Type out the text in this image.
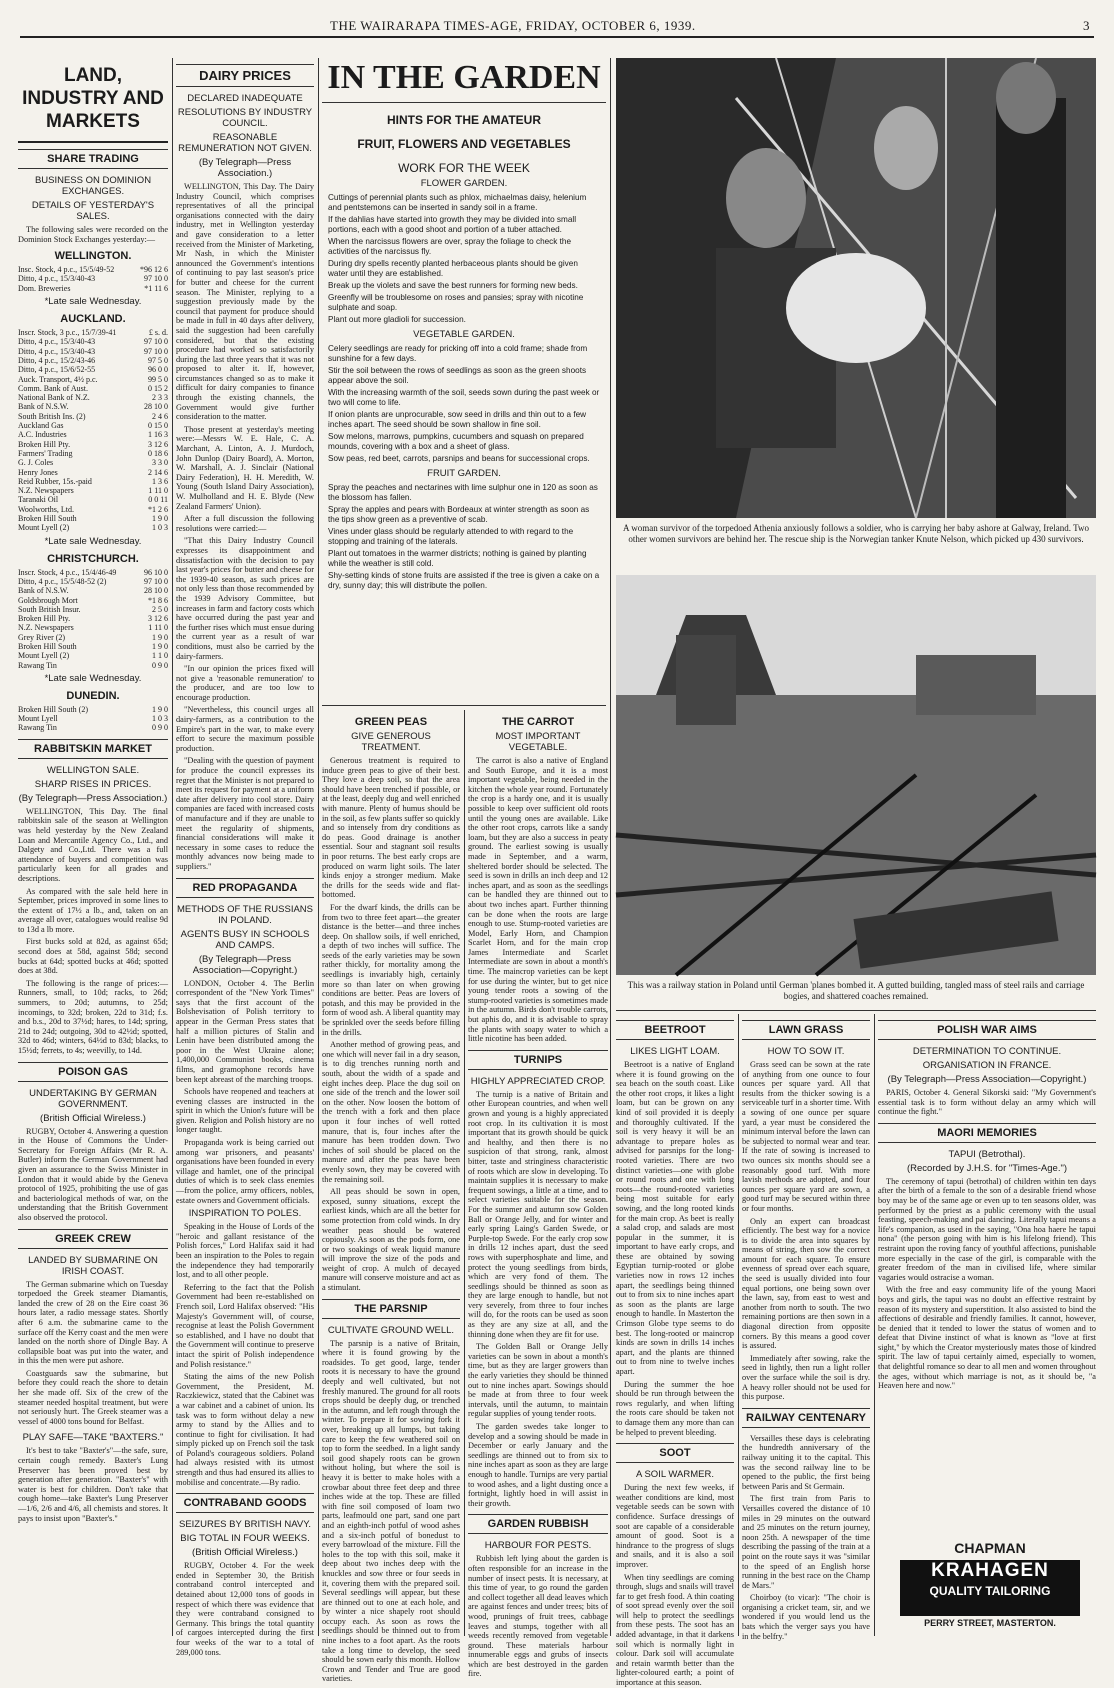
THE WAIRARAPA TIMES-AGE, FRIDAY, OCTOBER 6, 1939.	3
LAND, INDUSTRY AND MARKETS
SHARE TRADING
BUSINESS ON DOMINION EXCHANGES.
DETAILS OF YESTERDAY'S SALES.

The following sales were recorded on the Dominion Stock Exchanges yesterday:—

WELLINGTON.
Insc. Stock, 4 p.c., 15/5/49-52	*96 12 6
Ditto, 4 p.c., 15/3/40-43	97 10 0
Dom. Breweries	*1 11 6
*Late sale Wednesday.
AUCKLAND.
Inscr. Stock, 3 p.c., 15/7/39-41	£ s. d.
Ditto, 4 p.c., 15/3/40-43	97 10 0
Ditto, 4 p.c., 15/3/40-43	97 10 0
Ditto, 4 p.c., 15/2/43-46	97 5 0
Ditto, 4 p.c., 15/6/52-55	96 0 0
Auck. Transport, 4½ p.c.	99 5 0
Comm. Bank of Aust.	0 15 2
National Bank of N.Z.	2 3 3
Bank of N.S.W.	28 10 0
South British Ins. (2)	2 4 6
Auckland Gas	0 15 0
A.C. Industries	1 16 3
Broken Hill Pty.	3 12 6
Farmers' Trading	0 18 6
G. J. Coles	3 3 0
Henry Jones	2 14 6
Reid Rubber, 15s.-paid	1 3 6
N.Z. Newspapers	1 11 0
Taranaki Oil	0 0 11
Woolworths, Ltd.	*1 2 6
Broken Hill South	1 9 0
Mount Lyell (2)	1 0 3
*Late sale Wednesday.
CHRISTCHURCH.
Inscr. Stock, 4 p.c., 15/4/46-49	96 10 0
Ditto, 4 p.c., 15/5/48-52 (2)	97 10 0
Bank of N.S.W.	28 10 0
Goldsbrough Mort	*1 8 6
South British Insur.	2 5 0
Broken Hill Pty.	3 12 6
N.Z. Newspapers	1 11 0
Grey River (2)	1 9 0
Broken Hill South	1 9 0
Mount Lyell (2)	1 1 0
Rawang Tin	0 9 0
*Late sale Wednesday.
DUNEDIN.
Broken Hill South (2)	1 9 0
Mount Lyell	1 0 3
Rawang Tin	0 9 0
RABBITSKIN MARKET
WELLINGTON SALE.
SHARP RISES IN PRICES.
(By Telegraph—Press Association.)

WELLINGTON, This Day. The final rabbitskin sale of the season at Wellington was held yesterday by the New Zealand Loan and Mercantile Agency Co., Ltd., and Dalgety and Co.,Ltd. There was a full attendance of buyers and competition was particularly keen for all grades and descriptions.

As compared with the sale held here in September, prices improved in some lines to the extent of 17½ a lb., and, taken on an average all over, catalogues would realise 9d to 13d a lb more.

First bucks sold at 82d, as against 65d; second does at 58d, against 58d; second bucks at 64d; spotted bucks at 46d; spotted does at 38d.

The following is the range of prices:—Runners, small, to 10d; racks, to 26d; summers, to 20d; autumns, to 25d; incomings, to 32d; broken, 22d to 31d; f.s. and b.s., 20d to 37½d; hares, to 14d; spring, 21d to 24d; outgoing, 30d to 42½d; spotted, 32d to 46d; winters, 64½d to 83d; blacks, to 15½d; ferrets, to 4s; weevilly, to 14d.

POISON GAS
UNDERTAKING BY GERMAN GOVERNMENT.
(British Official Wireless.)

RUGBY, October 4. Answering a question in the House of Commons the Under-Secretary for Foreign Affairs (Mr R. A. Butler) inform the German Government had given an assurance to the Swiss Minister in London that it would abide by the Geneva protocol of 1925, prohibiting the use of gas and bacteriological methods of war, on the understanding that the British Government also observed the protocol.

GREEK CREW
LANDED BY SUBMARINE ON IRISH COAST.

The German submarine which on Tuesday torpedoed the Greek steamer Diamantis, landed the crew of 28 on the Eire coast 36 hours later, a radio message states. Shortly after 6 a.m. the submarine came to the surface off the Kerry coast and the men were landed on the north shore of Dingle Bay. A collapsible boat was put into the water, and in this the men were put ashore.

Coastguards saw the submarine, but before they could reach the shore to detain her she made off. Six of the crew of the steamer needed hospital treatment, but were not seriously hurt. The Greek steamer was a vessel of 4000 tons bound for Belfast.

PLAY SAFE—TAKE "BAXTERS."

It's best to take "Baxter's"—the safe, sure, certain cough remedy. Baxter's Lung Preserver has been proved best by generation after generation. "Baxter's" with water is best for children. Don't take that cough home—take Baxter's Lung Preserver—1/6, 2/6 and 4/6, all chemists and stores. It pays to insist upon "Baxter's."

DAIRY PRICES
DECLARED INADEQUATE
RESOLUTIONS BY INDUSTRY COUNCIL.
REASONABLE REMUNERATION NOT GIVEN.
(By Telegraph—Press Association.)

WELLINGTON, This Day. The Dairy Industry Council, which comprises representatives of all the principal organisations connected with the dairy industry, met in Wellington yesterday and gave consideration to a letter received from the Minister of Marketing, Mr Nash, in which the Minister announced the Government's intentions of continuing to pay last season's price for butter and cheese for the current season. The Minister, replying to a suggestion previously made by the council that payment for produce should be made in full in 40 days after delivery, said the suggestion had been carefully considered, but that the existing procedure had worked so satisfactorily during the last three years that it was not proposed to alter it. If, however, circumstances changed so as to make it difficult for dairy companies to finance through the existing channels, the Government would give further consideration to the matter.

Those present at yesterday's meeting were:—Messrs W. E. Hale, C. A. Marchant, A. Linton, A. J. Murdoch, John Dunlop (Dairy Board), A. Morton, W. Marshall, A. J. Sinclair (National Dairy Federation), H. H. Meredith, W. Young (South Island Dairy Association), W. Mulholland and H. E. Blyde (New Zealand Farmers' Union).

After a full discussion the following resolutions were carried:—

"That this Dairy Industry Council expresses its disappointment and dissatisfaction with the decision to pay last year's prices for butter and cheese for the 1939-40 season, as such prices are not only less than those recommended by the 1939 Advisory Committee, but increases in farm and factory costs which have occurred during the past year and the further rises which must ensue during the current year as a result of war conditions, must also be carried by the dairy-farmers.

"In our opinion the prices fixed will not give a 'reasonable remuneration' to the producer, and are too low to encourage production.

"Nevertheless, this council urges all dairy-farmers, as a contribution to the Empire's part in the war, to make every effort to secure the maximum possible production.

"Dealing with the question of payment for produce the council expresses its regret that the Minister is not prepared to meet its request for payment at a uniform date after delivery into cool store. Dairy companies are faced with increased costs of manufacture and if they are unable to meet the regularity of shipments, financial considerations will make it necessary in some cases to reduce the monthly advances now being made to suppliers."

RED PROPAGANDA
METHODS OF THE RUSSIANS IN POLAND.
AGENTS BUSY IN SCHOOLS AND CAMPS.
(By Telegraph—Press Association—Copyright.)

LONDON, October 4. The Berlin correspondent of the "New York Times" says that the first account of the Bolshevisation of Polish territory to appear in the German Press states that half a million pictures of Stalin and Lenin have been distributed among the poor in the West Ukraine alone; 1,400,000 Communist books, cinema films, and gramophone records have been kept abreast of the marching troops.

Schools have reopened and teachers at evening classes are instructed in the spirit in which the Union's future will be given. Religion and Polish history are no longer taught.

Propaganda work is being carried out among war prisoners, and peasants' organisations have been founded in every village and hamlet, one of the principal duties of which is to seek class enemies—from the police, army officers, nobles, estate owners and Government officials.

INSPIRATION TO POLES.

Speaking in the House of Lords of the "heroic and gallant resistance of the Polish forces," Lord Halifax said it had been an inspiration to the Poles to regain the independence they had temporarily lost, and to all other people.

Referring to the fact that the Polish Government had been re-established on French soil, Lord Halifax observed: "His Majesty's Government will, of course, recognise at least the Polish Government so established, and I have no doubt that the Government will continue to preserve intact the spirit of Polish independence and Polish resistance."

Stating the aims of the new Polish Government, the President, M. Raczkiewicz, stated that the Cabinet was a war cabinet and a cabinet of union. Its task was to form without delay a new army to stand by the Allies and to continue to fight for civilisation. It had simply picked up on French soil the task of Poland's courageous soldiers. Poland had always resisted with its utmost strength and thus had ensured its allies to mobilise and concentrate.—By radio.

CONTRABAND GOODS
SEIZURES BY BRITISH NAVY.
BIG TOTAL IN FOUR WEEKS.
(British Official Wireless.)

RUGBY, October 4. For the week ended in September 30, the British contraband control intercepted and detained about 12,000 tons of goods in respect of which there was evidence that they were contraband consigned to Germany. This brings the total quantity of cargoes intercepted during the first four weeks of the war to a total of 289,000 tons.

IN THE GARDEN
HINTS FOR THE AMATEUR
FRUIT, FLOWERS AND VEGETABLES
WORK FOR THE WEEK
FLOWER GARDEN.
Cuttings of perennial plants such as phlox, michaelmas daisy, helenium and pentstemons can be inserted in sandy soil in a frame.
If the dahlias have started into growth they may be divided into small portions, each with a good shoot and portion of a tuber attached.
When the narcissus flowers are over, spray the foliage to check the activities of the narcissus fly.
During dry spells recently planted herbaceous plants should be given water until they are established.
Break up the violets and save the best runners for forming new beds.
Greenfly will be troublesome on roses and pansies; spray with nicotine sulphate and soap.
Plant out more gladioli for succession.
VEGETABLE GARDEN.
Celery seedlings are ready for pricking off into a cold frame; shade from sunshine for a few days.
Stir the soil between the rows of seedlings as soon as the green shoots appear above the soil.
With the increasing warmth of the soil, seeds sown during the past week or two will come to life.
If onion plants are unprocurable, sow seed in drills and thin out to a few inches apart. The seed should be sown shallow in fine soil.
Sow melons, marrows, pumpkins, cucumbers and squash on prepared mounds, covering with a box and a sheet of glass.
Sow peas, red beet, carrots, parsnips and beans for successional crops.
FRUIT GARDEN.
Spray the peaches and nectarines with lime sulphur one in 120 as soon as the blossom has fallen.
Spray the apples and pears with Bordeaux at winter strength as soon as the tips show green as a preventive of scab.
Vines under glass should be regularly attended to with regard to the stopping and training of the laterals.
Plant out tomatoes in the warmer districts; nothing is gained by planting while the weather is still cold.
Shy-setting kinds of stone fruits are assisted if the tree is given a cake on a dry, sunny day; this will distribute the pollen.
GREEN PEAS
GIVE GENEROUS TREATMENT.

Generous treatment is required to induce green peas to give of their best. They love a deep soil, so that the area should have been trenched if possible, or at the least, deeply dug and well enriched with manure. Plenty of humus should be in the soil, as few plants suffer so quickly and so intensely from dry conditions as do peas. Good drainage is another essential. Sour and stagnant soil results in poor returns. The best early crops are produced on warm light soils. The later kinds enjoy a stronger medium. Make the drills for the seeds wide and flat-bottomed.

For the dwarf kinds, the drills can be from two to three feet apart—the greater distance is the better—and three inches deep. On shallow soils, if well enriched, a depth of two inches will suffice. The seeds of the early varieties may be sown rather thickly, for mortality among the seedlings is invariably high, certainly more so than later on when growing conditions are better. Peas are lovers of potash, and this may be provided in the form of wood ash. A liberal quantity may be sprinkled over the seeds before filling in the drills.

Another method of growing peas, and one which will never fail in a dry season, is to dig trenches running north and south, about the width of a spade and eight inches deep. Place the dug soil on one side of the trench and the lower soil on the other. Now loosen the bottom of the trench with a fork and then place upon it four inches of well rotted manure, that is, four inches after the manure has been trodden down. Two inches of soil should be placed on the manure and after the peas have been evenly sown, they may be covered with the remaining soil.

All peas should be sown in open, exposed, sunny situations, except the earliest kinds, which are all the better for some protection from cold winds. In dry weather peas should be watered copiously. As soon as the pods form, one or two soakings of weak liquid manure will improve the size of the pods and weight of crop. A mulch of decayed manure will conserve moisture and act as a stimulant.

THE PARSNIP
CULTIVATE GROUND WELL.

The parsnip is a native of Britain, where it is found growing by the roadsides. To get good, large, tender roots it is necessary to have the ground deeply and well cultivated, but not freshly manured. The ground for all roots crops should be deeply dug, or trenched in the autumn, and left rough through the winter. To prepare it for sowing fork it over, breaking up all lumps, but taking care to keep the few weathered soil on top to form the seedbed. In a light sandy soil good shapely roots can be grown without holing, but where the soil is heavy it is better to make holes with a crowbar about three feet deep and three inches wide at the top. These are filled with fine soil composed of loam two parts, leafmould one part, sand one part and an eighth-inch potful of wood ashes and a six-inch potful of bonedust to every barrowload of the mixture. Fill the holes to the top with this soil, make it deep about two inches deep with the knuckles and sow three or four seeds in it, covering them with the prepared soil. Several seedlings will appear, but these are thinned out to one at each hole, and by winter a nice shapely root should occupy each. As soon as rows the seedlings should be thinned out to from nine inches to a foot apart. As the roots take a long time to develop, the seed should be sown early this month. Hollow Crown and Tender and True are good varieties.

THE CARROT
MOST IMPORTANT VEGETABLE.

The carrot is also a native of England and South Europe, and it is a most important vegetable, being needed in the kitchen the whole year round. Fortunately the crop is a hardy one, and it is usually possible to keep over sufficient old roots until the young ones are available. Like the other root crops, carrots like a sandy loam, but they are also a success in peaty ground. The earliest sowing is usually made in September, and a warm, sheltered border should be selected. The seed is sown in drills an inch deep and 12 inches apart, and as soon as the seedlings can be handled they are thinned out to about two inches apart. Further thinning can be done when the roots are large enough to use. Stump-rooted varieties are Model, Early Horn, and Champion Scarlet Horn, and for the main crop James Intermediate and Scarlet Intermediate are sown in about a month's time. The maincrop varieties can be kept for use during the winter, but to get nice young tender roots a sowing of the stump-rooted varieties is sometimes made in the autumn. Birds don't trouble carrots, but aphis do, and it is advisable to spray the plants with soapy water to which a little nicotine has been added.

TURNIPS
HIGHLY APPRECIATED CROP.

The turnip is a native of Britain and other European countries, and when well grown and young is a highly appreciated root crop. In its cultivation it is most important that its growth should be quick and healthy, and then there is no suspicion of that strong, rank, almost bitter, taste and stringiness characteristic of roots which are slow in developing. To maintain supplies it is necessary to make frequent sowings, a little at a time, and to select varieties suitable for the season. For the summer and autumn sow Golden Ball or Orange Jelly, and for winter and early spring Laing's Garden Swede, or Purple-top Swede. For the early crop sow in drills 12 inches apart, dust the seed rows with superphosphate and lime, and protect the young seedlings from birds, which are very fond of them. The seedlings should be thinned as soon as they are large enough to handle, but not very severely, from three to four inches will do, for the roots can be used as soon as they are any size at all, and the thinning done when they are fit for use.

The Golden Ball or Orange Jelly varieties can be sown in about a month's time, but as they are larger growers than the early varieties they should be thinned out to nine inches apart. Sowings should be made at from three to four week intervals, until the autumn, to maintain regular supplies of young tender roots.

The garden swedes take longer to develop and a sowing should be made in December or early January and the seedlings are thinned out to from six to nine inches apart as soon as they are large enough to handle. Turnips are very partial to wood ashes, and a light dusting once a fortnight, lightly hoed in will assist in their growth.

GARDEN RUBBISH
HARBOUR FOR PESTS.

Rubbish left lying about the garden is often responsible for an increase in the number of insect pests. It is necessary, at this time of year, to go round the garden and collect together all dead leaves which are against fences and under trees; bits of wood, prunings of fruit trees, cabbage leaves and stumps, together with all weeds recently removed from vegetable ground. These materials harbour innumerable eggs and grubs of insects which are best destroyed in the garden fire.

A woman survivor of the torpedoed Athenia anxiously follows a soldier, who is carrying her baby ashore at Galway, Ireland. Two other women survivors are behind her. The rescue ship is the Norwegian tanker Knute Nelson, which picked up 430 survivors.
This was a railway station in Poland until German 'planes bombed it. A gutted building, tangled mass of steel rails and carriage bogies, and shattered coaches remained.
BEETROOT
LIKES LIGHT LOAM.

Beetroot is a native of England where it is found growing on the sea beach on the south coast. Like the other root crops, it likes a light loam, but can be grown on any kind of soil provided it is deeply and thoroughly cultivated. If the soil is very heavy it will be an advantage to prepare holes as advised for parsnips for the long-rooted varieties. There are two distinct varieties—one with globe or round roots and one with long roots—the round-rooted varieties being most suitable for early sowing, and the long rooted kinds for the main crop. As beet is really a salad crop, and salads are most popular in the summer, it is important to have early crops, and these are obtained by sowing Egyptian turnip-rooted or globe varieties now in rows 12 inches apart, the seedlings being thinned out to from six to nine inches apart as soon as the plants are large enough to handle. In Masterton the Crimson Globe type seems to do best. The long-rooted or maincrop kinds are sown in drills 14 inches apart, and the plants are thinned out to from nine to twelve inches apart.

During the summer the hoe should be run through between the rows regularly, and when lifting the roots care should be taken not to damage them any more than can be helped to prevent bleeding.

SOOT
A SOIL WARMER.

During the next few weeks, if weather conditions are kind, most vegetable seeds can be sown with confidence. Surface dressings of soot are capable of a considerable amount of good. Soot is a hindrance to the progress of slugs and snails, and it is also a soil improver.

When tiny seedlings are coming through, slugs and snails will travel far to get fresh food. A thin coating of soot spread evenly over the soil will help to protect the seedlings from these pests. The soot has an added advantage, in that it darkens soil which is normally light in colour. Dark soil will accumulate and retain warmth better than the lighter-coloured earth; a point of importance at this season.

LAWN GRASS
HOW TO SOW IT.

Grass seed can be sown at the rate of anything from one ounce to four ounces per square yard. All that results from the thicker sowing is a serviceable turf in a shorter time. With a sowing of one ounce per square yard, a year must be considered the minimum interval before the lawn can be subjected to normal wear and tear. If the rate of sowing is increased to two ounces six months should see a reasonably good turf. With more lavish methods are adopted, and four ounces per square yard are sown, a good turf may be secured within three or four months.

Only an expert can broadcast efficiently. The best way for a novice is to divide the area into squares by means of string, then sow the correct amount for each square. To ensure evenness of spread over each square, the seed is usually divided into four equal portions, one being sown over the lawn, say, from east to west and another from north to south. The two remaining portions are then sown in a diagonal direction from opposite corners. By this means a good cover is assured.

Immediately after sowing, rake the seed in lightly, then run a light roller over the surface while the soil is dry. A heavy roller should not be used for this purpose.

RAILWAY CENTENARY

Versailles these days is celebrating the hundredth anniversary of the railway uniting it to the capital. This was the second railway line to be opened to the public, the first being between Paris and St Germain.

The first train from Paris to Versailles covered the distance of 10 miles in 29 minutes on the outward and 25 minutes on the return journey, noon 25th. A newspaper of the time describing the passing of the train at a point on the route says it was "similar to the speed of an English horse running in the best race on the Champ de Mars."

Choirboy (to vicar): "The choir is organising a cricket team, sir, and we wondered if you would lend us the bats which the verger says you have in the belfry."

POLISH WAR AIMS
DETERMINATION TO CONTINUE.
ORGANISATION IN FRANCE.
(By Telegraph—Press Association—Copyright.)

PARIS, October 4. General Sikorski said: "My Government's essential task is to form without delay an army which will continue the fight."

MAORI MEMORIES
TAPUI (Betrothal).
(Recorded by J.H.S. for "Times-Age.")

The ceremony of tapui (betrothal) of children within ten days after the birth of a female to the son of a desirable friend whose boy may be of the same age or even up to ten seasons older, was performed by the priest as a public ceremony with the usual feasting, speech-making and pai dancing. Literally tapui means a life's companion, as used in the saying, "Ona hoa haere he tapui nona" (the person going with him is his lifelong friend). This restraint upon the roving fancy of youthful affections, punishable more especially in the case of the girl, is comparable with the greater freedom of the man in civilised life, where similar vagaries would ostracise a woman.

With the free and easy community life of the young Maori boys and girls, the tapui was no doubt an effective restraint by reason of its mystery and superstition. It also assisted to bind the affections of desirable and friendly families. It cannot, however, be denied that it tended to lower the status of women and to defeat that Divine instinct of what is known as "love at first sight," by which the Creator mysteriously mates those of kindred spirit. The law of tapui certainly aimed, especially to women, that delightful romance so dear to all men and women throughout the ages, without which marriage is not, as it should be, "a Heaven here and now."

KRAHAGEN
QUALITY TAILORING
PERRY STREET, MASTERTON.
CHAPMAN
